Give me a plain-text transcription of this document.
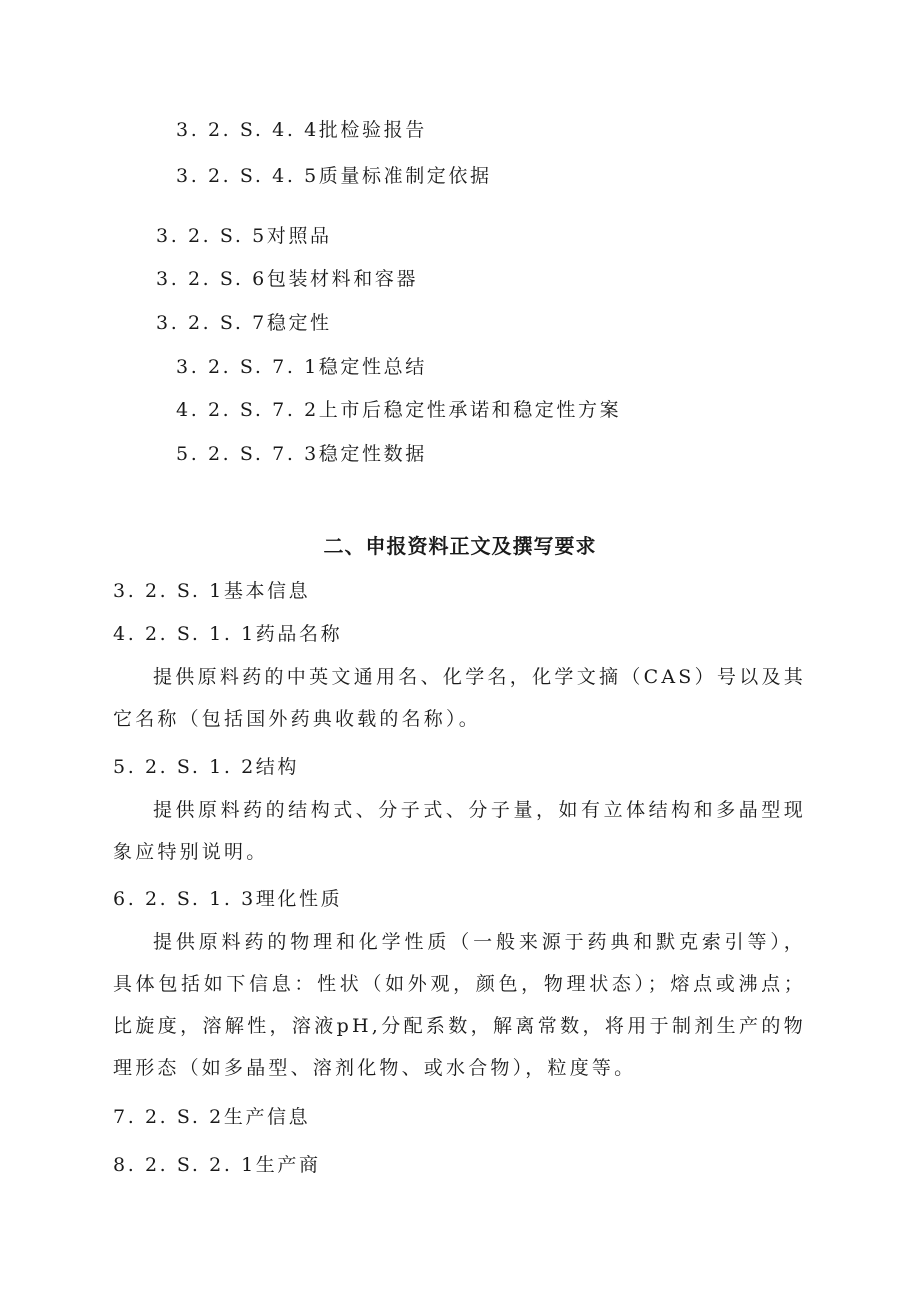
3. 2. S. 4. 4批检验报告
3. 2. S. 4. 5质量标准制定依据
3. 2. S. 5对照品
3. 2. S. 6包装材料和容器
3. 2. S. 7稳定性
3. 2. S. 7. 1稳定性总结
4. 2. S. 7. 2上市后稳定性承诺和稳定性方案
5. 2. S. 7. 3稳定性数据
二、申报资料正文及撰写要求
3. 2. S. 1基本信息
4. 2. S. 1. 1药品名称
提供原料药的中英文通用名、化学名，化学文摘（CAS）号以及其它名称（包括国外药典收载的名称）。
5. 2. S. 1. 2结构
提供原料药的结构式、分子式、分子量，如有立体结构和多晶型现象应特别说明。
6. 2. S. 1. 3理化性质
提供原料药的物理和化学性质（一般来源于药典和默克索引等），具体包括如下信息：性状（如外观，颜色，物理状态）；熔点或沸点；比旋度，溶解性，溶液pH,分配系数，解离常数，将用于制剂生产的物理形态（如多晶型、溶剂化物、或水合物），粒度等。
7. 2. S. 2生产信息
8. 2. S. 2. 1生产商
